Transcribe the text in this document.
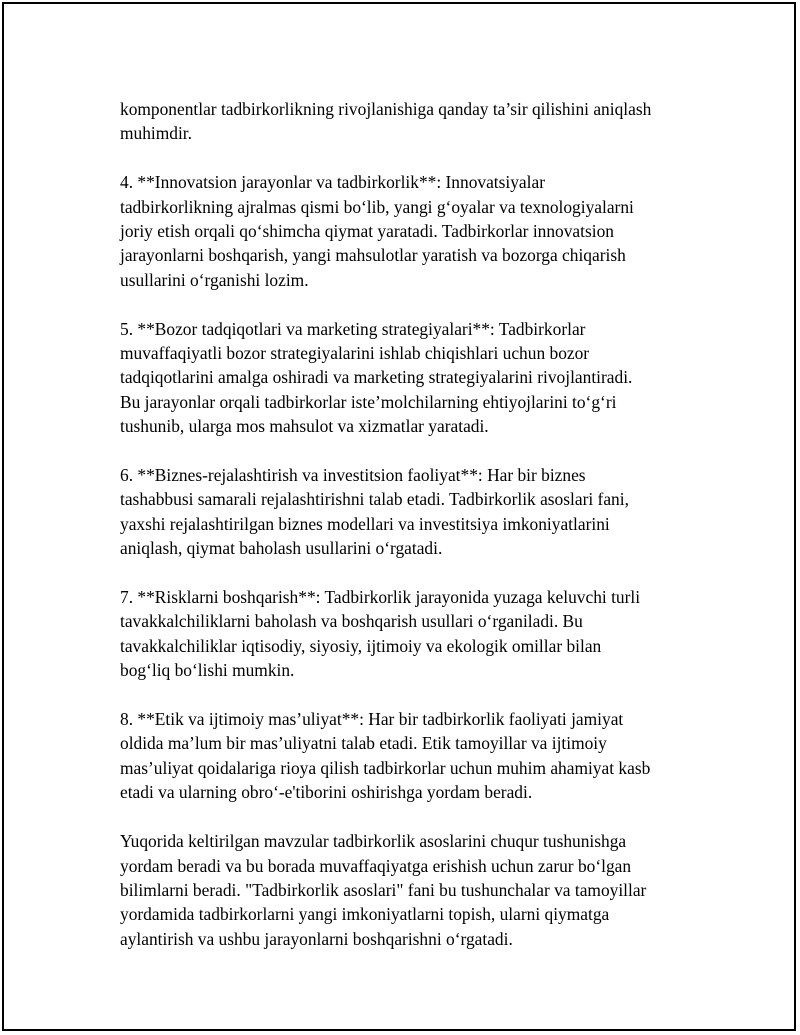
komponentlar tadbirkorlikning rivojlanishiga qanday ta’sir qilishini aniqlash
muhimdir.

4. **Innovatsion jarayonlar va tadbirkorlik**: Innovatsiyalar
tadbirkorlikning ajralmas qismi bo‘lib, yangi g‘oyalar va texnologiyalarni
joriy etish orqali qo‘shimcha qiymat yaratadi. Tadbirkorlar innovatsion
jarayonlarni boshqarish, yangi mahsulotlar yaratish va bozorga chiqarish
usullarini o‘rganishi lozim.

5. **Bozor tadqiqotlari va marketing strategiyalari**: Tadbirkorlar
muvaffaqiyatli bozor strategiyalarini ishlab chiqishlari uchun bozor
tadqiqotlarini amalga oshiradi va marketing strategiyalarini rivojlantiradi.
Bu jarayonlar orqali tadbirkorlar iste’molchilarning ehtiyojlarini to‘g‘ri
tushunib, ularga mos mahsulot va xizmatlar yaratadi.

6. **Biznes-rejalashtirish va investitsion faoliyat**: Har bir biznes
tashabbusi samarali rejalashtirishni talab etadi. Tadbirkorlik asoslari fani,
yaxshi rejalashtirilgan biznes modellari va investitsiya imkoniyatlarini
aniqlash, qiymat baholash usullarini o‘rgatadi.

7. **Risklarni boshqarish**: Tadbirkorlik jarayonida yuzaga keluvchi turli
tavakkalchiliklarni baholash va boshqarish usullari o‘rganiladi. Bu
tavakkalchiliklar iqtisodiy, siyosiy, ijtimoiy va ekologik omillar bilan
bog‘liq bo‘lishi mumkin.

8. **Etik va ijtimoiy mas’uliyat**: Har bir tadbirkorlik faoliyati jamiyat
oldida ma’lum bir mas’uliyatni talab etadi. Etik tamoyillar va ijtimoiy
mas’uliyat qoidalariga rioya qilish tadbirkorlar uchun muhim ahamiyat kasb
etadi va ularning obro‘-e'tiborini oshirishga yordam beradi.

Yuqorida keltirilgan mavzular tadbirkorlik asoslarini chuqur tushunishga
yordam beradi va bu borada muvaffaqiyatga erishish uchun zarur bo‘lgan
bilimlarni beradi. "Tadbirkorlik asoslari" fani bu tushunchalar va tamoyillar
yordamida tadbirkorlarni yangi imkoniyatlarni topish, ularni qiymatga
aylantirish va ushbu jarayonlarni boshqarishni o‘rgatadi.
